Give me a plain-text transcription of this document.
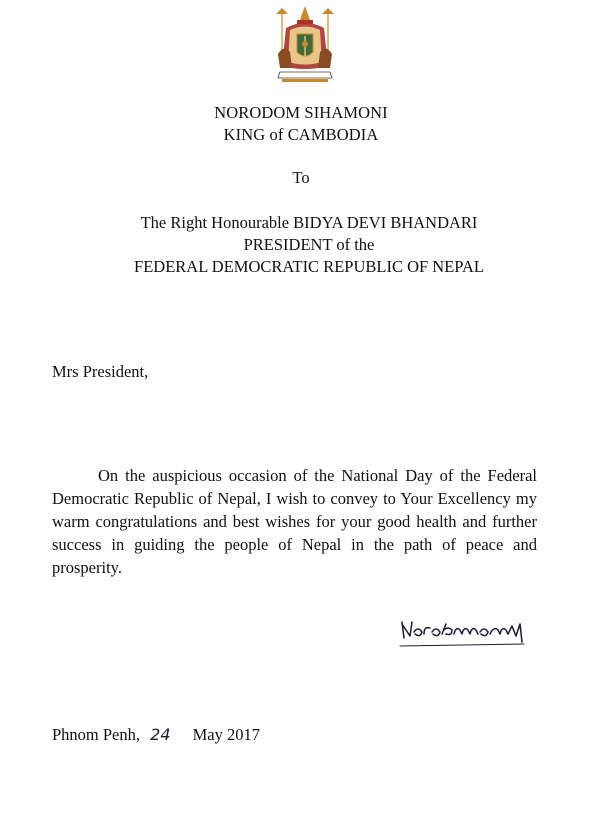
NORODOM SIHAMONI
KING of CAMBODIA
To
The Right Honourable BIDYA DEVI BHANDARI
PRESIDENT of the
FEDERAL DEMOCRATIC REPUBLIC OF NEPAL
Mrs President,
On the auspicious occasion of the National Day of the Federal Democratic Republic of Nepal, I wish to convey to Your Excellency my warm congratulations and best wishes for your good health and further success in guiding the people of Nepal in the path of peace and prosperity.
Phnom Penh, 24 May 2017
